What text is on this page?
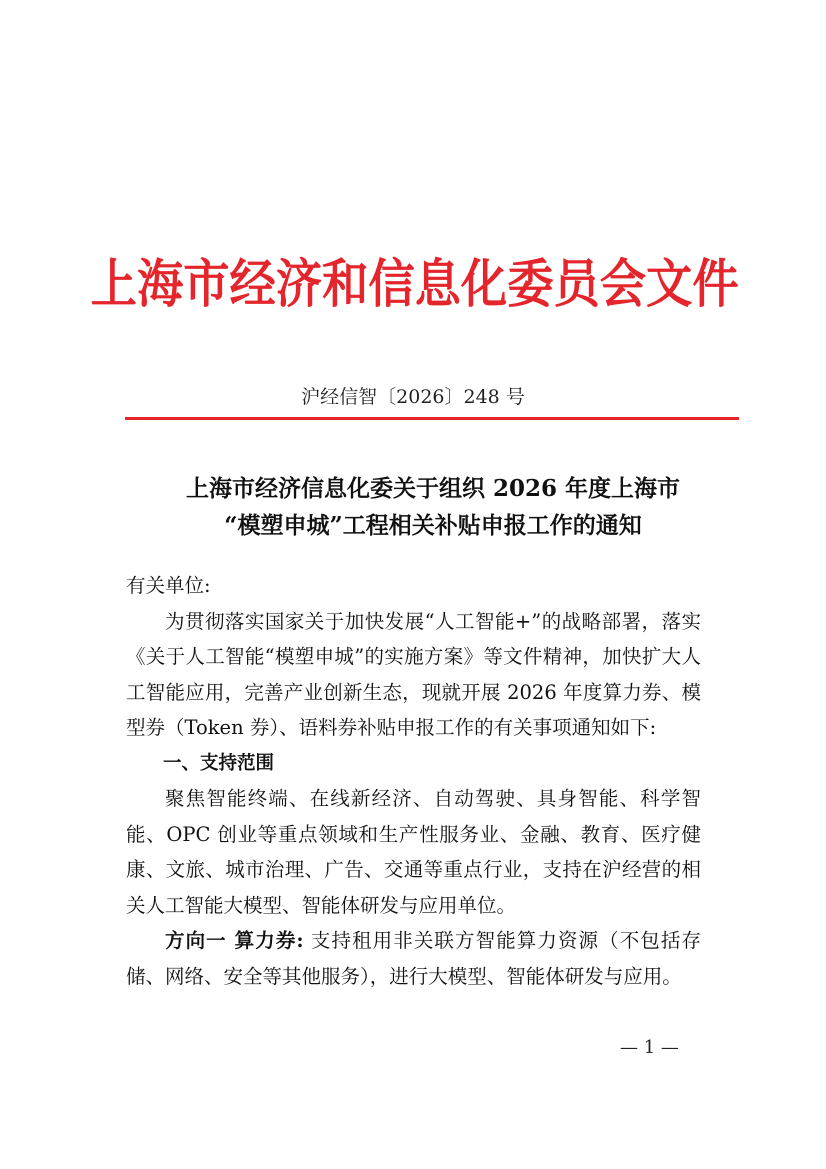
上海市经济和信息化委员会文件
沪经信智〔2026〕248 号
上海市经济信息化委关于组织 2026 年度上海市
“模塑申城”工程相关补贴申报工作的通知

有关单位:

为贯彻落实国家关于加快发展“人工智能+”的战略部署，落实《关于人工智能“模塑申城”的实施方案》等文件精神，加快扩大人工智能应用，完善产业创新生态，现就开展 2026 年度算力券、模型券（Token 券）、语料券补贴申报工作的有关事项通知如下:

一、支持范围

聚焦智能终端、在线新经济、自动驾驶、具身智能、科学智能、OPC 创业等重点领域和生产性服务业、金融、教育、医疗健康、文旅、城市治理、广告、交通等重点行业，支持在沪经营的相关人工智能大模型、智能体研发与应用单位。

方向一 算力券: 支持租用非关联方智能算力资源（不包括存储、网络、安全等其他服务），进行大模型、智能体研发与应用。

— 1 —
